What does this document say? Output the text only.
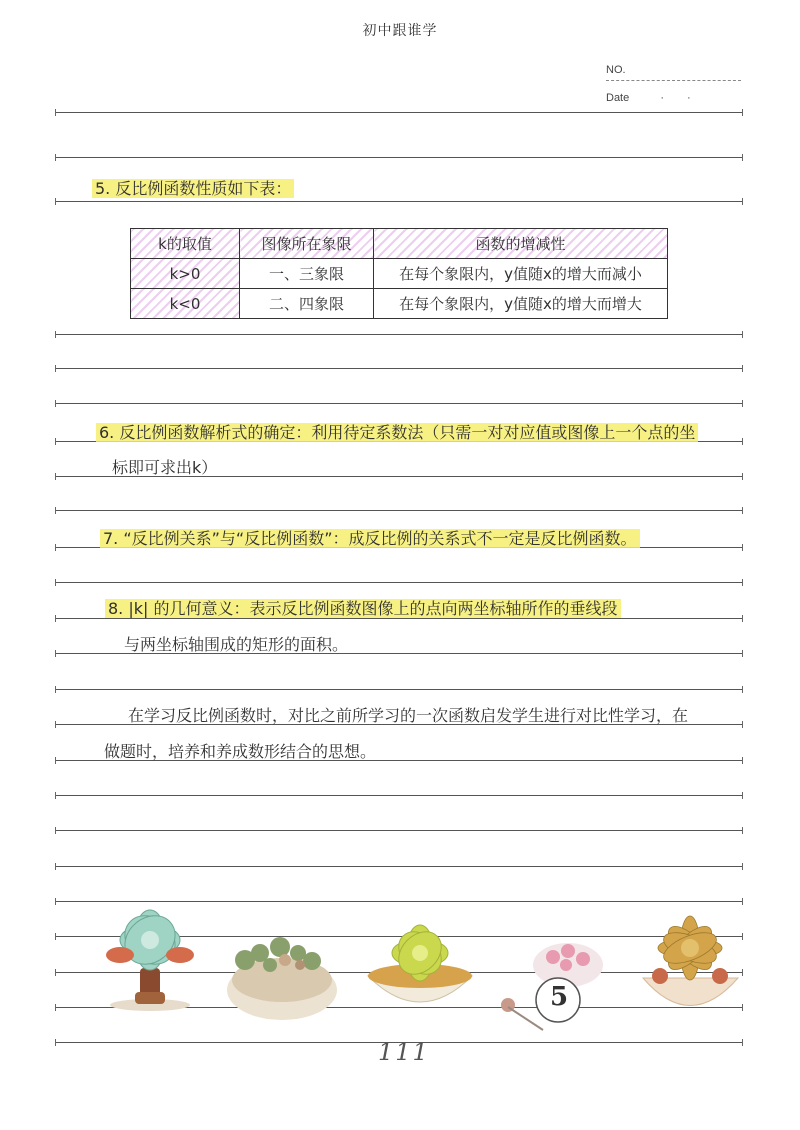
初中跟谁学
NO.
Date	· ·
5. 反比例函数性质如下表：
k的取值	图像所在象限	函数的增减性
k>0	一、三象限	在每个象限内，y值随x的增大而减小
k<0	二、四象限	在每个象限内，y值随x的增大而增大
6. 反比例函数解析式的确定：利用待定系数法（只需一对对应值或图像上一个点的坐
标即可求出k）
7. “反比例关系”与“反比例函数”：成反比例的关系式不一定是反比例函数。
8. |k| 的几何意义：表示反比例函数图像上的点向两坐标轴所作的垂线段
与两坐标轴围成的矩形的面积。
在学习反比例函数时，对比之前所学习的一次函数启发学生进行对比性学习，在
做题时，培养和养成数形结合的思想。
5
111
